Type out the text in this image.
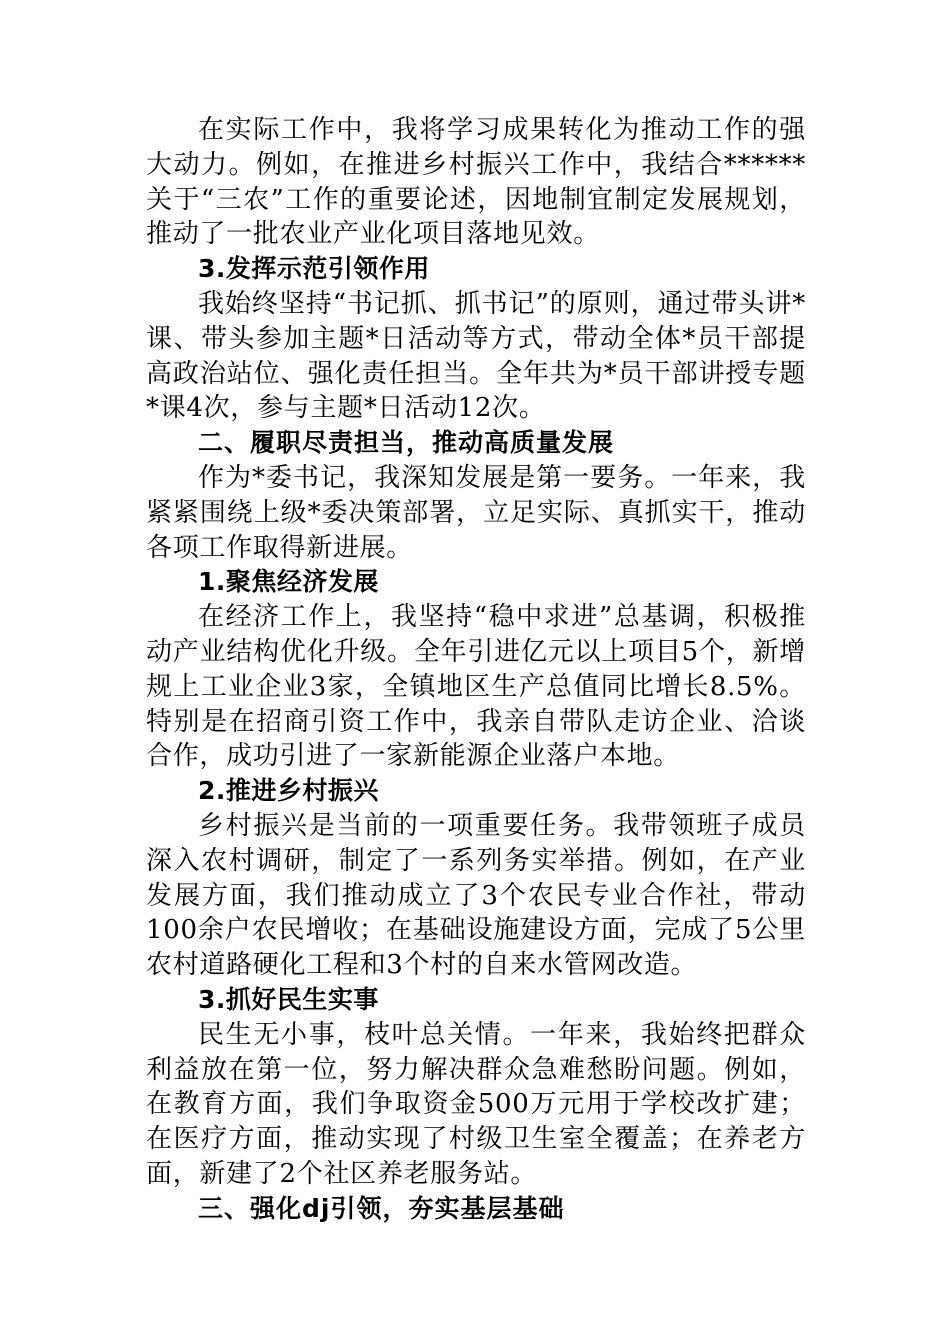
在实际工作中，我将学习成果转化为推动工作的强大动力。例如，在推进乡村振兴工作中，我结合******关于“三农”工作的重要论述，因地制宜制定发展规划，推动了一批农业产业化项目落地见效。

3.发挥示范引领作用

我始终坚持“书记抓、抓书记”的原则，通过带头讲*课、带头参加主题*日活动等方式，带动全体*员干部提高政治站位、强化责任担当。全年共为*员干部讲授专题*课4次，参与主题*日活动12次。

二、履职尽责担当，推动高质量发展

作为*委书记，我深知发展是第一要务。一年来，我紧紧围绕上级*委决策部署，立足实际、真抓实干，推动各项工作取得新进展。

1.聚焦经济发展

在经济工作上，我坚持“稳中求进”总基调，积极推动产业结构优化升级。全年引进亿元以上项目5个，新增规上工业企业3家，全镇地区生产总值同比增长8.5%。特别是在招商引资工作中，我亲自带队走访企业、洽谈合作，成功引进了一家新能源企业落户本地。

2.推进乡村振兴

乡村振兴是当前的一项重要任务。我带领班子成员深入农村调研，制定了一系列务实举措。例如，在产业发展方面，我们推动成立了3个农民专业合作社，带动100余户农民增收；在基础设施建设方面，完成了5公里农村道路硬化工程和3个村的自来水管网改造。

3.抓好民生实事

民生无小事，枝叶总关情。一年来，我始终把群众利益放在第一位，努力解决群众急难愁盼问题。例如，在教育方面，我们争取资金500万元用于学校改扩建；在医疗方面，推动实现了村级卫生室全覆盖；在养老方面，新建了2个社区养老服务站。

三、强化dj引领，夯实基层基础
